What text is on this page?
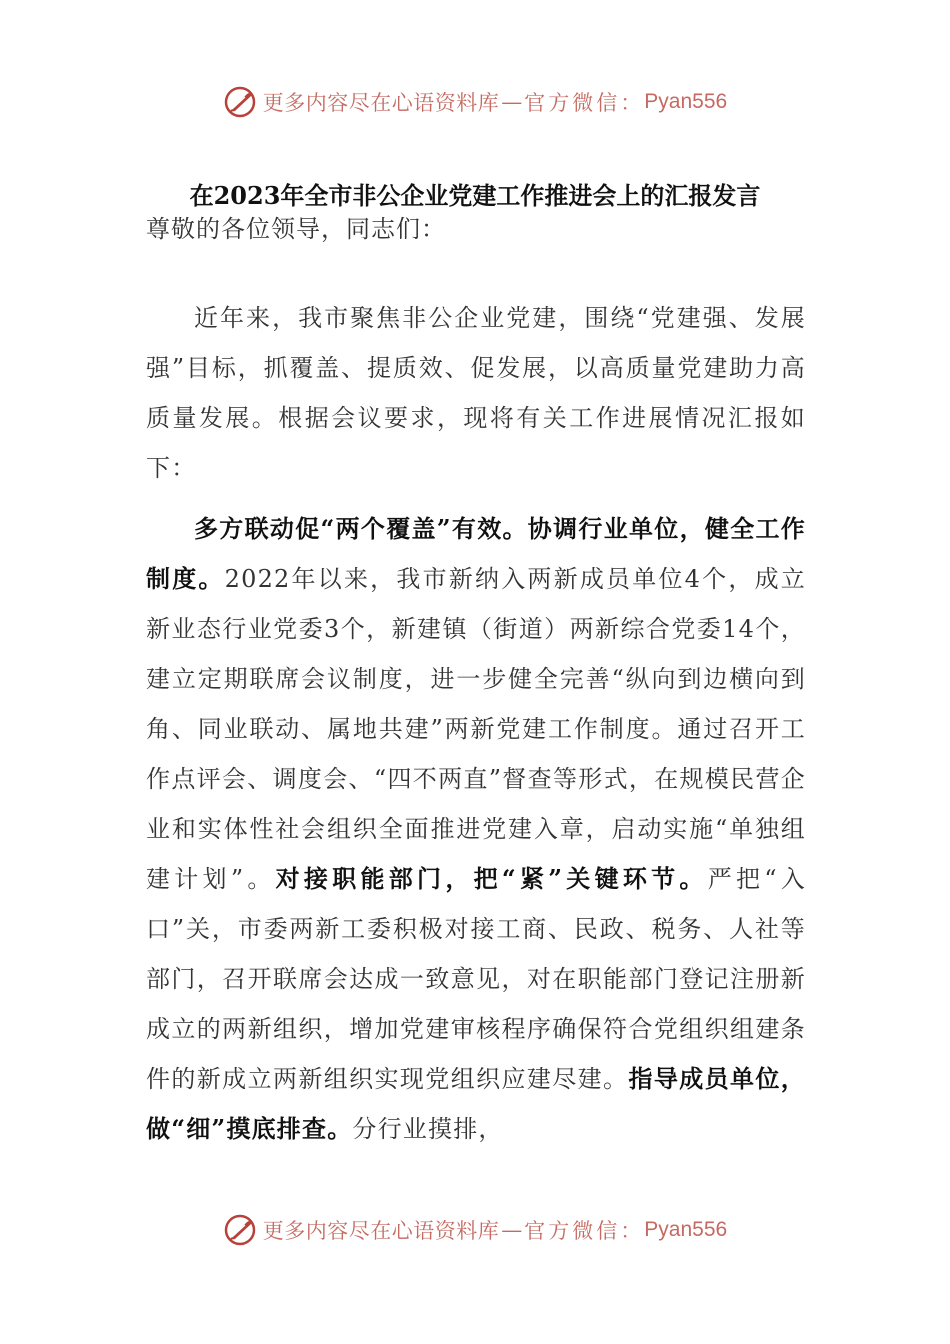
更多内容尽在心语资料库 — 官方微信： Pyan556
在2023年全市非公企业党建工作推进会上的汇报发言
尊敬的各位领导，同志们：

近年来，我市聚焦非公企业党建，围绕“党建强、发展强”目标，抓覆盖、提质效、促发展，以高质量党建助力高质量发展。根据会议要求，现将有关工作进展情况汇报如下：

多方联动促“两个覆盖”有效。协调行业单位，健全工作制度。2022年以来，我市新纳入两新成员单位4个，成立新业态行业党委3个，新建镇（街道）两新综合党委14个，建立定期联席会议制度，进一步健全完善“纵向到边横向到角、同业联动、属地共建”两新党建工作制度。通过召开工作点评会、调度会、“四不两直”督查等形式，在规模民营企业和实体性社会组织全面推进党建入章，启动实施“单独组建计划”。对接职能部门，把“紧”关键环节。严把“入口”关，市委两新工委积极对接工商、民政、税务、人社等部门，召开联席会达成一致意见，对在职能部门登记注册新成立的两新组织，增加党建审核程序确保符合党组织组建条件的新成立两新组织实现党组织应建尽建。指导成员单位，做“细”摸底排查。分行业摸排，

更多内容尽在心语资料库 — 官方微信： Pyan556
